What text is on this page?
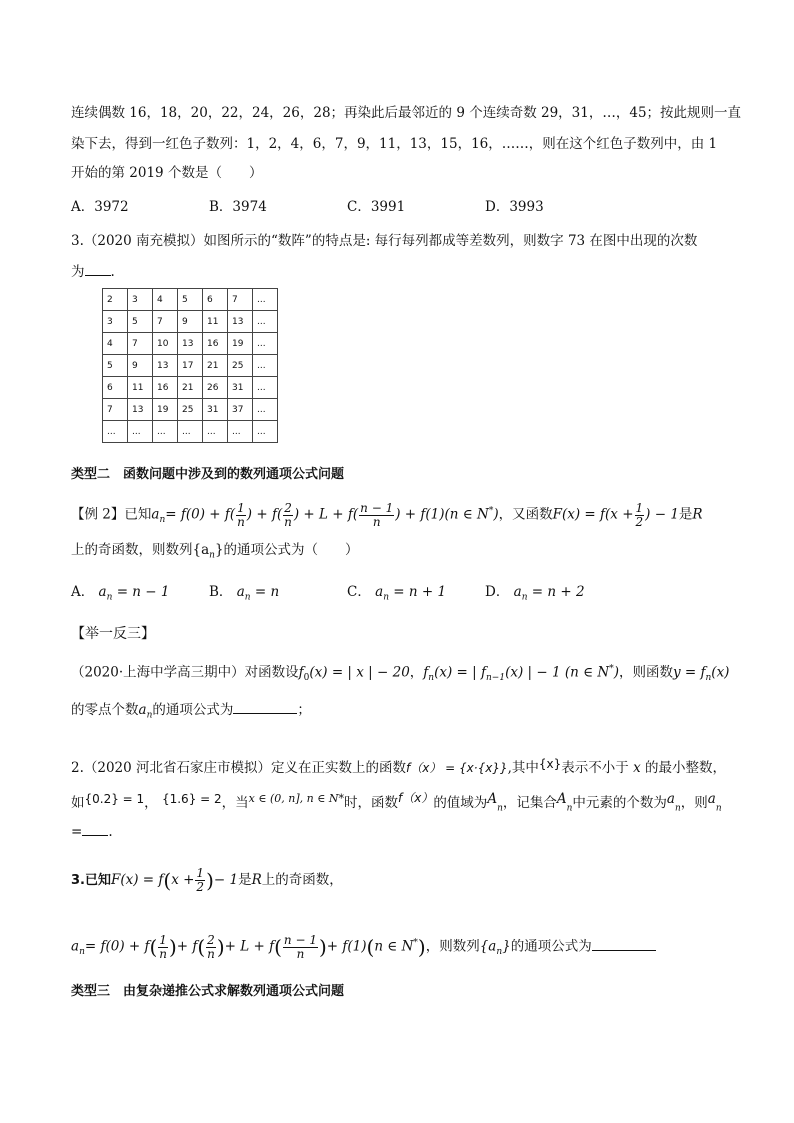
连续偶数 16，18，20，22，24，26，28；再染此后最邻近的 9 个连续奇数 29，31，…，45；按此规则一直
染下去，得到一红色子数列：1，2，4，6，7，9，11，13，15，16，……，则在这个红色子数列中，由 1
开始的第 2019 个数是（　　）
A．3972	B．3974	C．3991	D．3993
3.（2020 南充模拟）如图所示的“数阵”的特点是: 每行每列都成等差数列，则数字 73 在图中出现的次数
为 .
2	3	4	5	6	7	...
3	5	7	9	11	13	...
4	7	10	13	16	19	...
5	9	13	17	21	25	...
6	11	16	21	26	31	...
7	13	19	25	31	37	...
...	...	...	...	...	...	...
类型二　函数问题中涉及到的数列通项公式问题
【例 2】已知$a_n= f(0) + f( \frac{1}{n}$ ) + $f( \frac{2}{n}$ ) + $L + f( \frac{n - 1}{n}$ ) + f(1)(n ∈ N*)，又函数$F(x) = f(x + \frac{1}{2}$ ) − 1是R
上的奇函数，则数列$\{a_n\}$的通项公式为（　　）
A． $a_n = n - 1$	B． $a_n = n$	C． $a_n = n + 1$	D． $a_n = n + 2$
【举一反三】
（2020·上海中学高三期中）对函数设$f_0(x)$ = | x | − 20，$f_n(x)$ = | $f_{n-1}(x)$ | − 1 (n ∈ N*)，则函数$y = f_n(x)$
的零点个数$a_n$的通项公式为	；
2.（2020 河北省石家庄市模拟）定义在正实数上的函数f（x） = {x·{x}},其中{x}表示不小于 x 的最小整数，
如{0.2} = 1， {1.6} = 2，当$^{x \in (0, n], n \in N*}$时，函数f（x）的值域为$A_n$，记集合$A_n$中元素的个数为$a_n$，则$a_n$
= .
3.已知$F(x) = f(x + \frac{1}{2}$ )− 1是R上的奇函数，
$a_n= f(0) + f( \frac{1}{n}$ )+ $f( \frac{2}{n}$ )+ $L + f( \frac{n - 1}{n}$ )+ f(1)(n ∈ N*)，则数列$\{a_n\}$的通项公式为
类型三　由复杂递推公式求解数列通项公式问题
